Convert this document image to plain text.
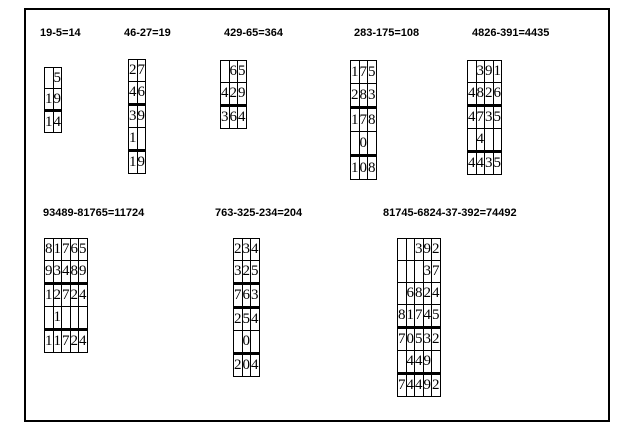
19-5=14
	5
1	9
1	4
46-27=19
2	7
4	6
3	9
1	
1	9
429-65=364
	6	5
4	2	9
3	6	4
283-175=108
1	7	5
2	8	3
1	7	8
	0	
1	0	8
4826-391=4435
	3	9	1
4	8	2	6
4	7	3	5
	4		
4	4	3	5
93489-81765=11724
8	1	7	6	5
9	3	4	8	9
1	2	7	2	4
	1			
1	1	7	2	4
763-325-234=204
2	3	4
3	2	5
7	6	3
2	5	4
	0	
2	0	4
81745-6824-37-392=74492
		3	9	2
			3	7
	6	8	2	4
8	1	7	4	5
7	0	5	3	2
	4	4	9	
7	4	4	9	2
